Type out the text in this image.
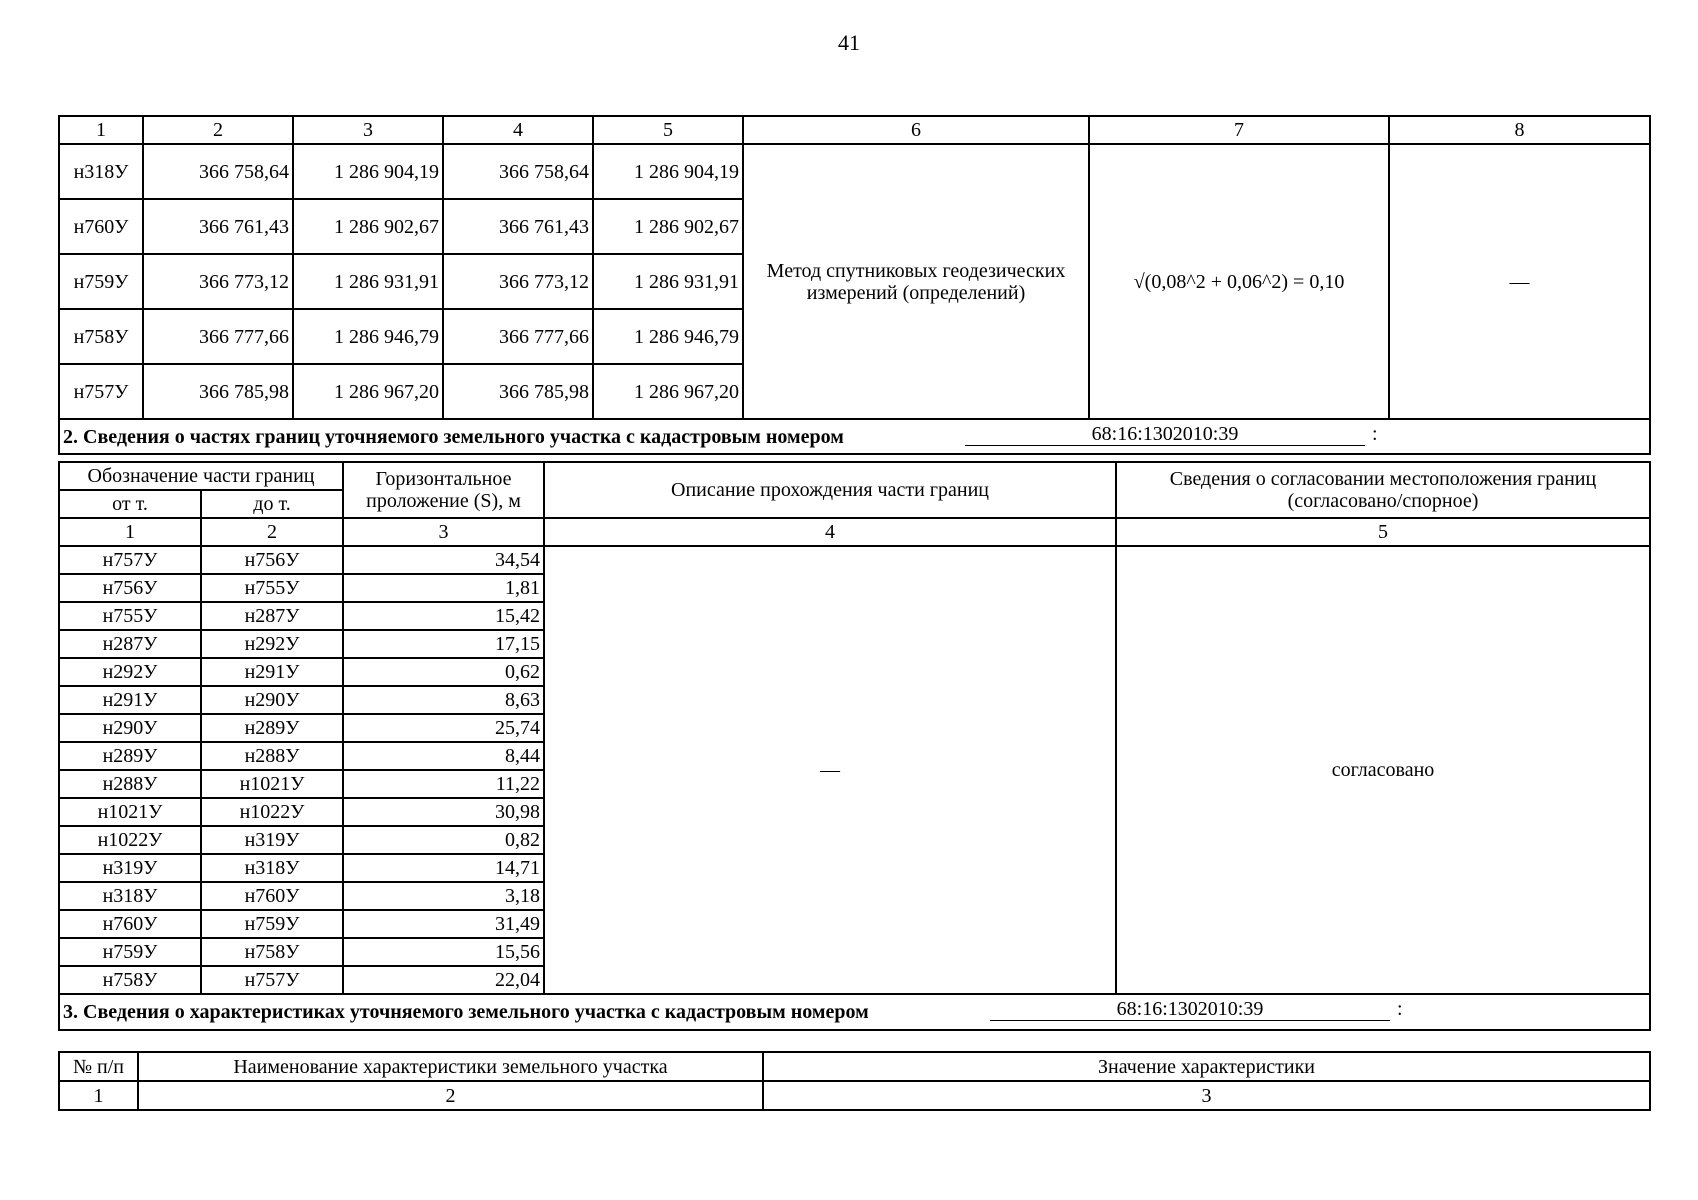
41
1	2	3	4	5	6	7	8
н318У	366 758,64	1 286 904,19	366 758,64	1 286 904,19	Метод спутниковых геодезических измерений (определений)	√(0,08^2 + 0,06^2) = 0,10	—
н760У	366 761,43	1 286 902,67	366 761,43	1 286 902,67			
н759У	366 773,12	1 286 931,91	366 773,12	1 286 931,91			
н758У	366 777,66	1 286 946,79	366 777,66	1 286 946,79			
н757У	366 785,98	1 286 967,20	366 785,98	1 286 967,20			
2. Сведения о частях границ уточняемого земельного участка с кадастровым номером 68:16:1302010:39 :							
Обозначение части границ		Горизонтальное проложение (S), м	Описание прохождения части границ	Сведения о согласовании местоположения границ (согласовано/спорное)
от т.	до т.			
1	2	3	4	5
н757У	н756У	34,54	—	согласовано
н756У	н755У	1,81		
н755У	н287У	15,42		
н287У	н292У	17,15		
н292У	н291У	0,62		
н291У	н290У	8,63		
н290У	н289У	25,74		
н289У	н288У	8,44		
н288У	н1021У	11,22		
н1021У	н1022У	30,98		
н1022У	н319У	0,82		
н319У	н318У	14,71		
н318У	н760У	3,18		
н760У	н759У	31,49		
н759У	н758У	15,56		
н758У	н757У	22,04		
3. Сведения о характеристиках уточняемого земельного участка с кадастровым номером 68:16:1302010:39 :				
№ п/п	Наименование характеристики земельного участка	Значение характеристики
1	2	3
